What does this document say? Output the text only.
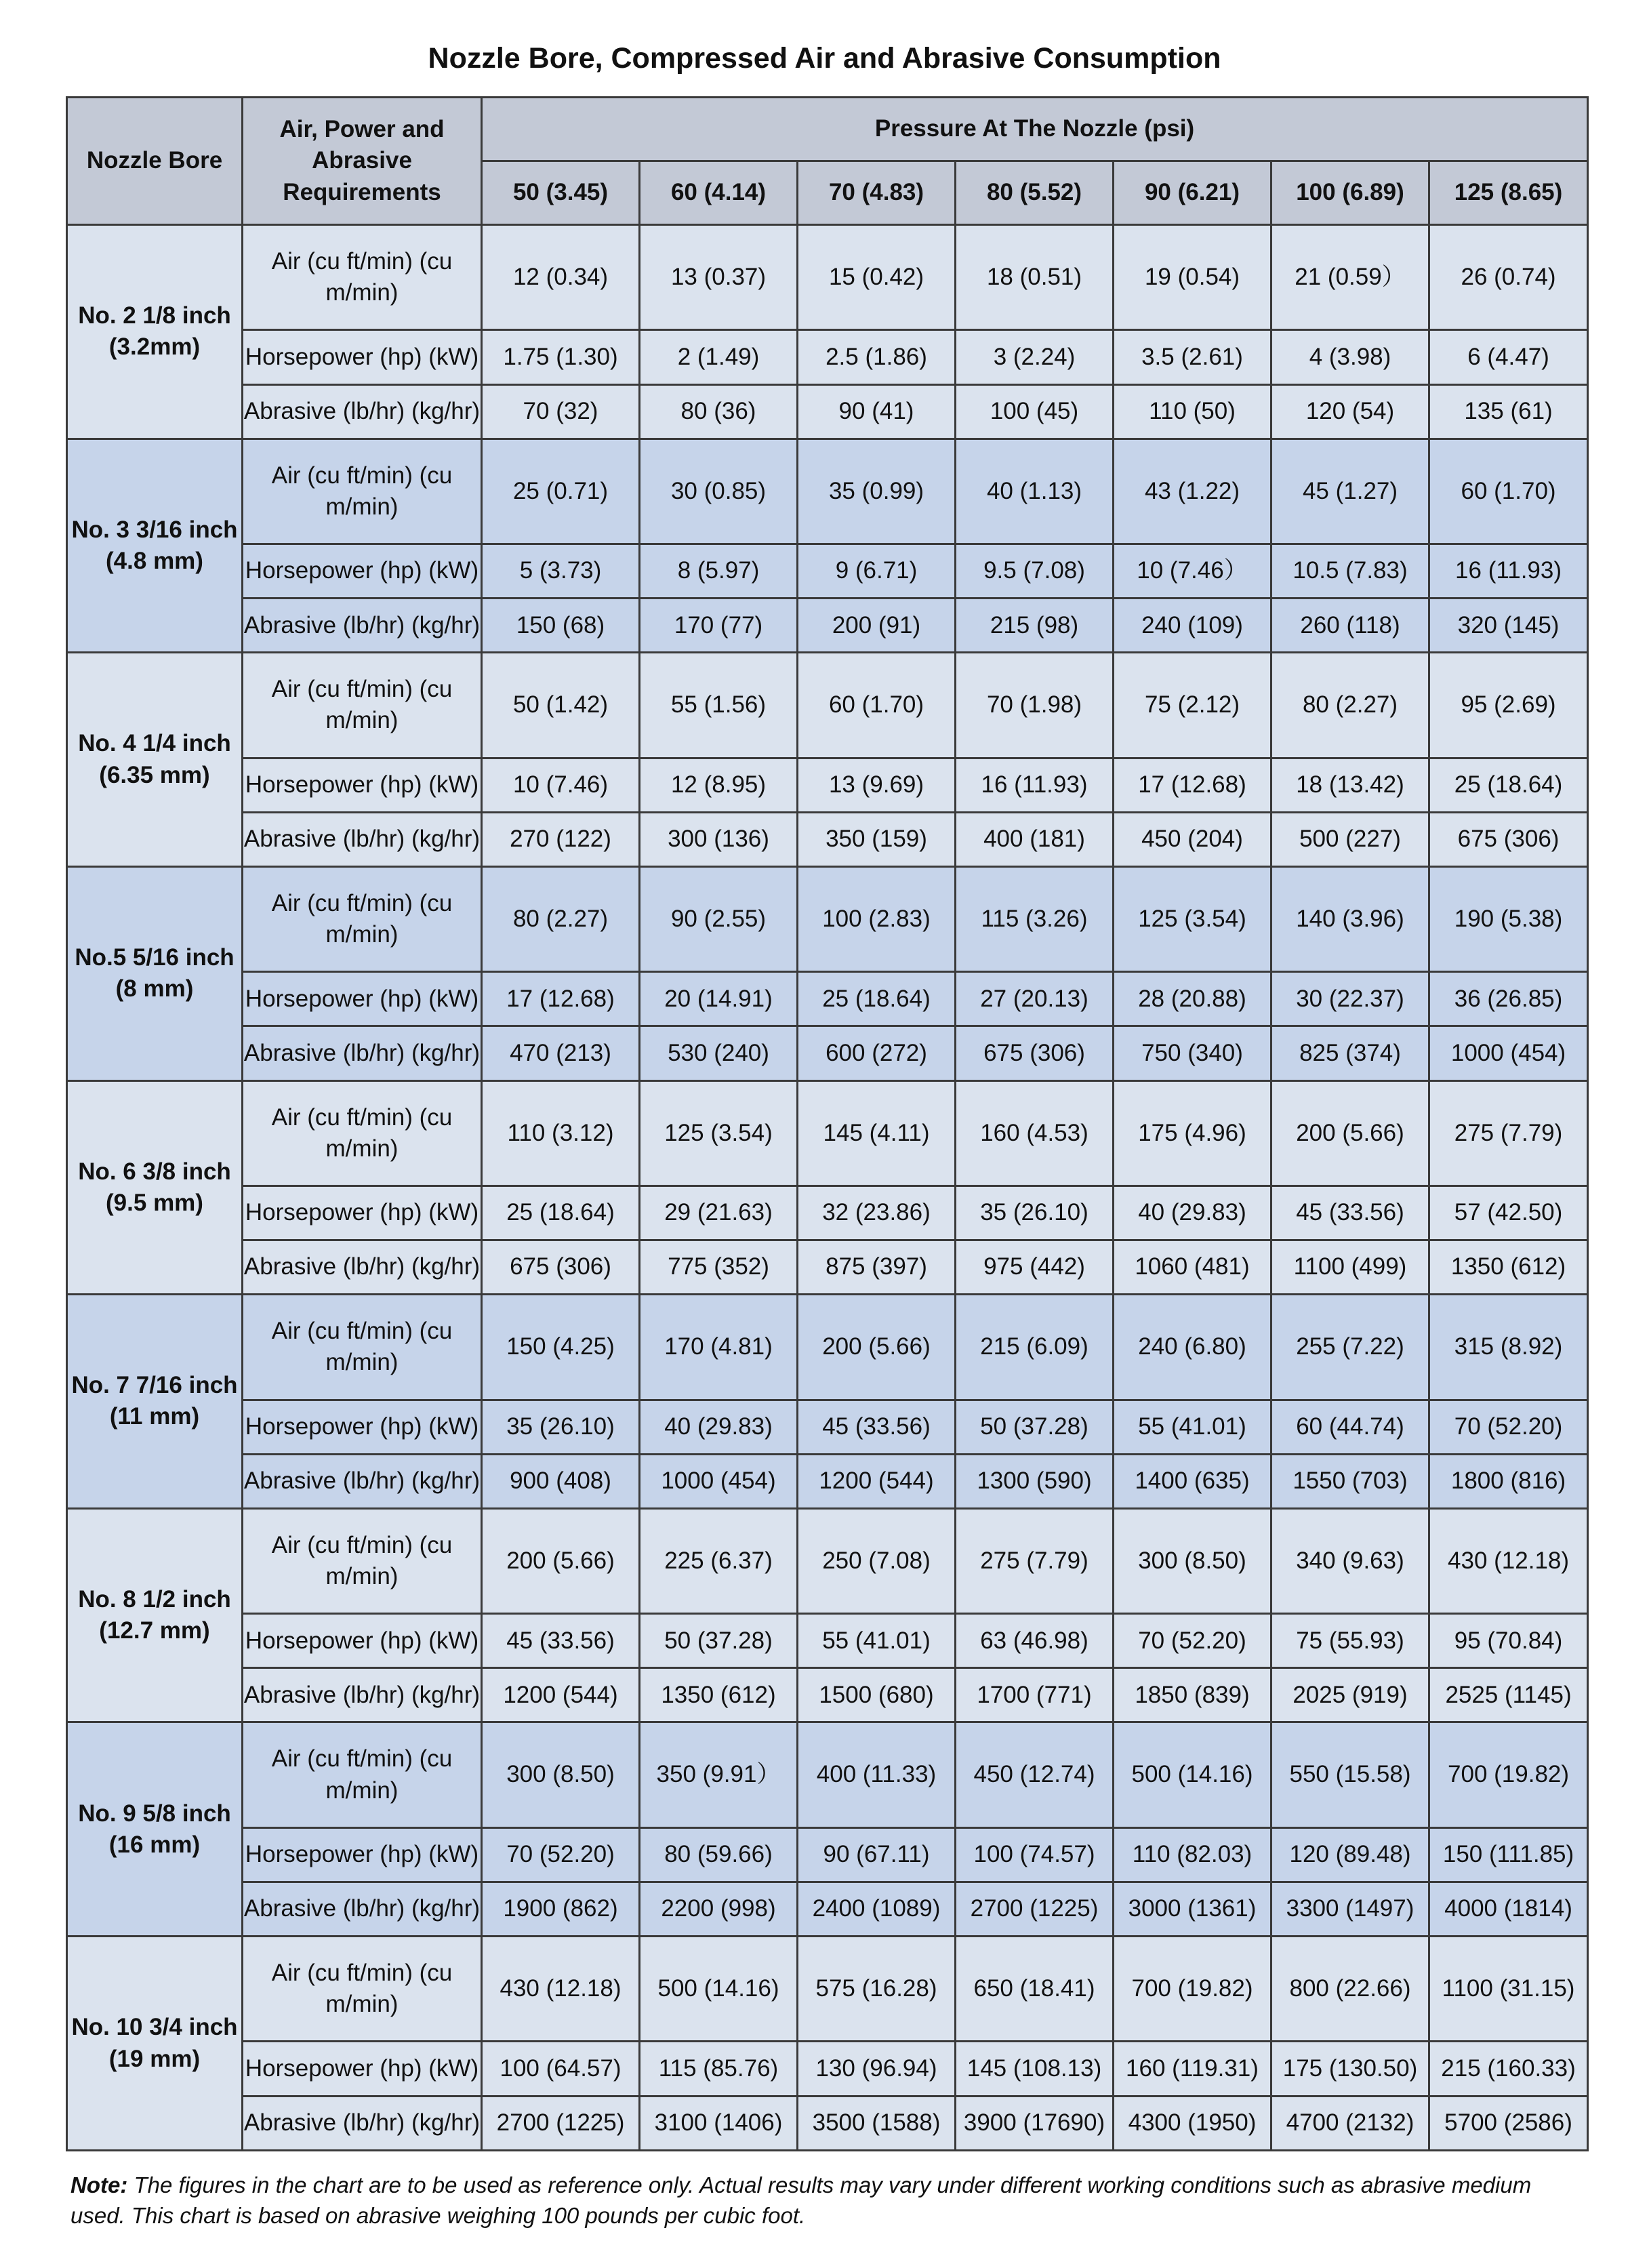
Nozzle Bore, Compressed Air and Abrasive Consumption
Nozzle Bore	Air, Power and Abrasive Requirements	Pressure At The Nozzle (psi)						
		50 (3.45)	60 (4.14)	70 (4.83)	80 (5.52)	90 (6.21)	100 (6.89)	125 (8.65)
No. 2 1/8 inch (3.2mm)	Air (cu ft/min) (cu m/min)	12 (0.34)	13 (0.37)	15 (0.42)	18 (0.51)	19 (0.54)	21 (0.59）	26 (0.74)
	Horsepower (hp) (kW)	1.75 (1.30)	2 (1.49)	2.5 (1.86)	3 (2.24)	3.5 (2.61)	4 (3.98)	6 (4.47)
	Abrasive (lb/hr) (kg/hr)	70 (32)	80 (36)	90 (41)	100 (45)	110 (50)	120 (54)	135 (61)
No. 3 3/16 inch (4.8 mm)	Air (cu ft/min) (cu m/min)	25 (0.71)	30 (0.85)	35 (0.99)	40 (1.13)	43 (1.22)	45 (1.27)	60 (1.70)
	Horsepower (hp) (kW)	5 (3.73)	8 (5.97)	9 (6.71)	9.5 (7.08)	10 (7.46）	10.5 (7.83)	16 (11.93)
	Abrasive (lb/hr) (kg/hr)	150 (68)	170 (77)	200 (91)	215 (98)	240 (109)	260 (118)	320 (145)
No. 4 1/4 inch (6.35 mm)	Air (cu ft/min) (cu m/min)	50 (1.42)	55 (1.56)	60 (1.70)	70 (1.98)	75 (2.12)	80 (2.27)	95 (2.69)
	Horsepower (hp) (kW)	10 (7.46)	12 (8.95)	13 (9.69)	16 (11.93)	17 (12.68)	18 (13.42)	25 (18.64)
	Abrasive (lb/hr) (kg/hr)	270 (122)	300 (136)	350 (159)	400 (181)	450 (204)	500 (227)	675 (306)
No.5 5/16 inch (8 mm)	Air (cu ft/min) (cu m/min)	80 (2.27)	90 (2.55)	100 (2.83)	115 (3.26)	125 (3.54)	140 (3.96)	190 (5.38)
	Horsepower (hp) (kW)	17 (12.68)	20 (14.91)	25 (18.64)	27 (20.13)	28 (20.88)	30 (22.37)	36 (26.85)
	Abrasive (lb/hr) (kg/hr)	470 (213)	530 (240)	600 (272)	675 (306)	750 (340)	825 (374)	1000 (454)
No. 6 3/8 inch (9.5 mm)	Air (cu ft/min) (cu m/min)	110 (3.12)	125 (3.54)	145 (4.11)	160 (4.53)	175 (4.96)	200 (5.66)	275 (7.79)
	Horsepower (hp) (kW)	25 (18.64)	29 (21.63)	32 (23.86)	35 (26.10)	40 (29.83)	45 (33.56)	57 (42.50)
	Abrasive (lb/hr) (kg/hr)	675 (306)	775 (352)	875 (397)	975 (442)	1060 (481)	1100 (499)	1350 (612)
No. 7 7/16 inch (11 mm)	Air (cu ft/min) (cu m/min)	150 (4.25)	170 (4.81)	200 (5.66)	215 (6.09)	240 (6.80)	255 (7.22)	315 (8.92)
	Horsepower (hp) (kW)	35 (26.10)	40 (29.83)	45 (33.56)	50 (37.28)	55 (41.01)	60 (44.74)	70 (52.20)
	Abrasive (lb/hr) (kg/hr)	900 (408)	1000 (454)	1200 (544)	1300 (590)	1400 (635)	1550 (703)	1800 (816)
No. 8 1/2 inch (12.7 mm)	Air (cu ft/min) (cu m/min)	200 (5.66)	225 (6.37)	250 (7.08)	275 (7.79)	300 (8.50)	340 (9.63)	430 (12.18)
	Horsepower (hp) (kW)	45 (33.56)	50 (37.28)	55 (41.01)	63 (46.98)	70 (52.20)	75 (55.93)	95 (70.84)
	Abrasive (lb/hr) (kg/hr)	1200 (544)	1350 (612)	1500 (680)	1700 (771)	1850 (839)	2025 (919)	2525 (1145)
No. 9 5/8 inch (16 mm)	Air (cu ft/min) (cu m/min)	300 (8.50)	350 (9.91）	400 (11.33)	450 (12.74)	500 (14.16)	550 (15.58)	700 (19.82)
	Horsepower (hp) (kW)	70 (52.20)	80 (59.66)	90 (67.11)	100 (74.57)	110 (82.03)	120 (89.48)	150 (111.85)
	Abrasive (lb/hr) (kg/hr)	1900 (862)	2200 (998)	2400 (1089)	2700 (1225)	3000 (1361)	3300 (1497)	4000 (1814)
No. 10 3/4 inch (19 mm)	Air (cu ft/min) (cu m/min)	430 (12.18)	500 (14.16)	575 (16.28)	650 (18.41)	700 (19.82)	800 (22.66)	1100 (31.15)
	Horsepower (hp) (kW)	100 (64.57)	115 (85.76)	130 (96.94)	145 (108.13)	160 (119.31)	175 (130.50)	215 (160.33)
	Abrasive (lb/hr) (kg/hr)	2700 (1225)	3100 (1406)	3500 (1588)	3900 (17690)	4300 (1950)	4700 (2132)	5700 (2586)
Note: The figures in the chart are to be used as reference only. Actual results may vary under different working conditions such as abrasive medium used. This chart is based on abrasive weighing 100 pounds per cubic foot.
